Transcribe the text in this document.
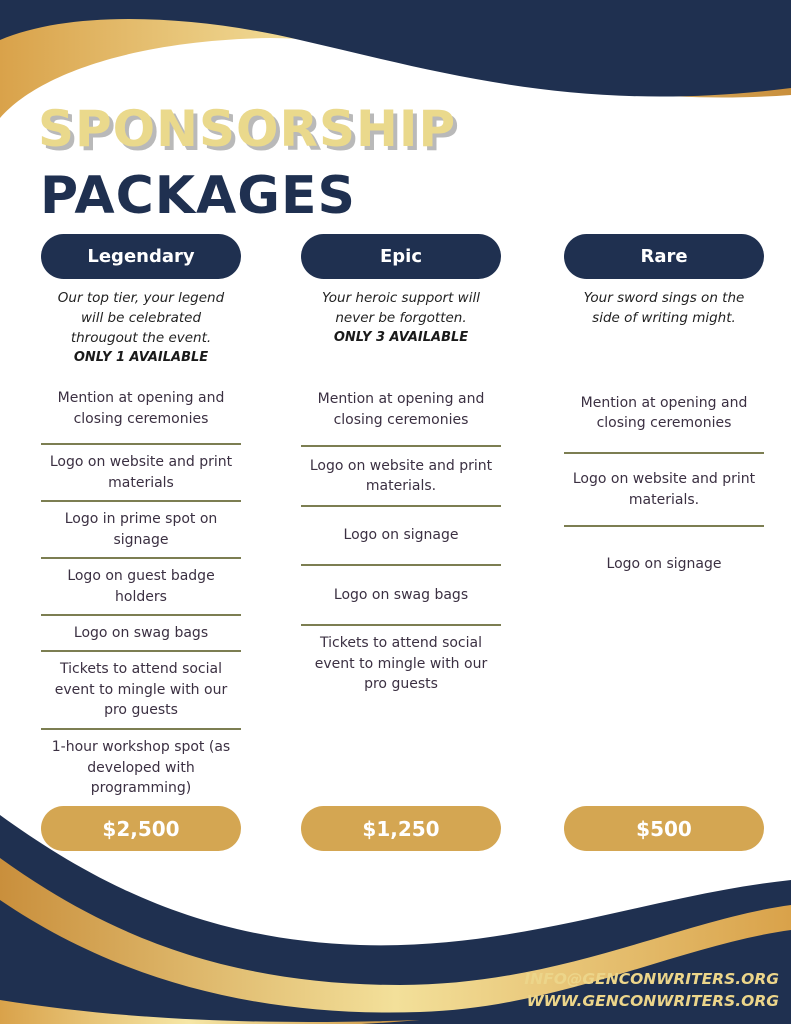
SPONSORSHIP
PACKAGES
Legendary
Our top tier, your legend will be celebrated througout the event.
ONLY 1 AVAILABLE
Mention at opening and closing ceremonies
Logo on website and print materials
Logo in prime spot on signage
Logo on guest badge holders
Logo on swag bags
Tickets to attend social event to mingle with our pro guests
1-hour workshop spot (as developed with programming)
$2,500
Epic
Your heroic support will never be forgotten.
ONLY 3 AVAILABLE
Mention at opening and closing ceremonies
Logo on website and print materials.
Logo on signage
Logo on swag bags
Tickets to attend social event to mingle with our pro guests
$1,250
Rare
Your sword sings on the side of writing might.
Mention at opening and closing ceremonies
Logo on website and print materials.
Logo on signage
$500
INFO@GENCONWRITERS.ORG
WWW.GENCONWRITERS.ORG
